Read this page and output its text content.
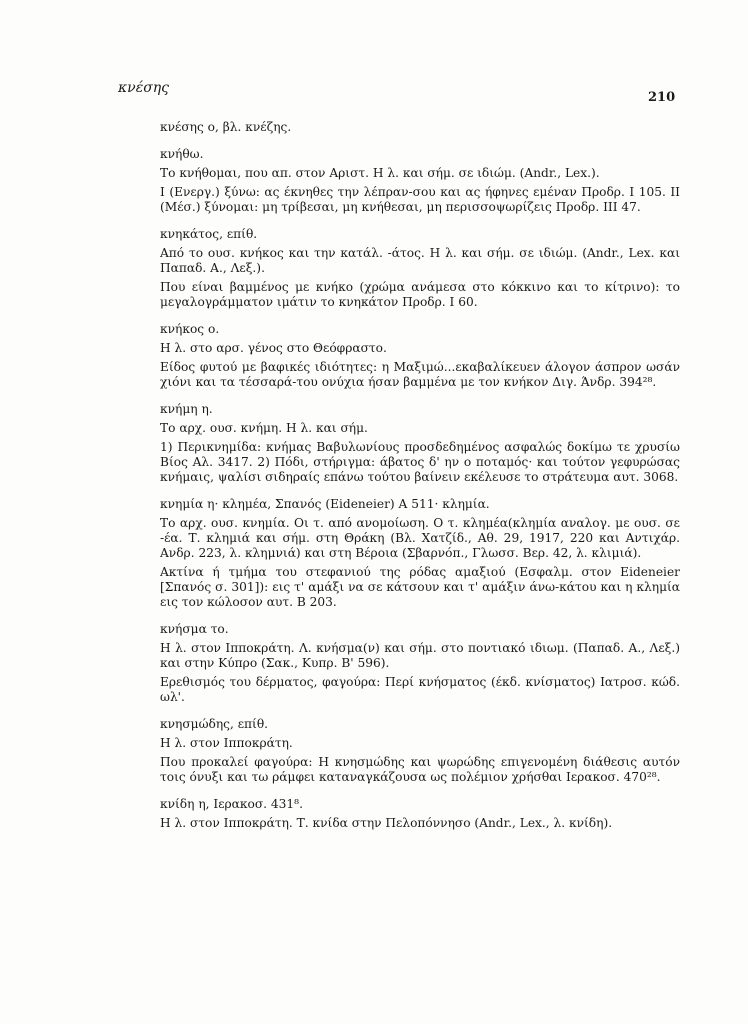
κνέσης
210

κνέσης ο, βλ. κνέζης.

κνήθω.

Το κνήθομαι, που απ. στον Αριστ. Η λ. και σήμ. σε ιδιώμ. (Andr., Lex.).

I (Ενεργ.) ξύνω: ας έκνηθες την λέπραν-σου και ας ήφηνες εμέναν Προδρ. I 105. II (Μέσ.) ξύνομαι: μη τρίβεσαι, μη κνήθεσαι, μη περισσοψωρίζεις Προδρ. III 47.

κνηκάτος, επίθ.

Από το ουσ. κνήκος και την κατάλ. -άτος. Η λ. και σήμ. σε ιδιώμ. (Andr., Lex. και Παπαδ. Α., Λεξ.).

Που είναι βαμμένος με κνήκο (χρώμα ανάμεσα στο κόκκινο και το κίτρινο): το μεγαλογράμματον ιμάτιν το κνηκάτον Προδρ. I 60.

κνήκος ο.

Η λ. στο αρσ. γένος στο Θεόφραστο.

Είδος φυτού με βαφικές ιδιότητες: η Μαξιμώ...εκαβαλίκευεν άλογον άσπρον ωσάν χιόνι και τα τέσσαρά-του ονύχια ήσαν βαμμένα με τον κνήκον Διγ. Άνδρ. 394²⁸.

κνήμη η.

Το αρχ. ουσ. κνήμη. Η λ. και σήμ.

1) Περικνημίδα: κνήμας Βαβυλωνίους προσδεδημένος ασφαλώς δοκίμω τε χρυσίω Βίος Αλ. 3417. 2) Πόδι, στήριγμα: άβατος δ' ην ο ποταμός· και τούτον γεφυρώσας κνήμαις, ψαλίσι σιδηραίς επάνω τούτου βαίνειν εκέλευσε το στράτευμα αυτ. 3068.

κνημία η· κλημέα, Σπανός (Eideneier) Α 511· κλημία.

Το αρχ. ουσ. κνημία. Οι τ. από ανομοίωση. Ο τ. κλημέα(κλημία αναλογ. με ουσ. σε -έα. Τ. κλημιά και σήμ. στη Θράκη (Βλ. Χατζίδ., Αθ. 29, 1917, 220 και Αντιχάρ. Ανδρ. 223, λ. κλημνιά) και στη Βέροια (Σβαρνόπ., Γλωσσ. Βερ. 42, λ. κλιμιά).

Ακτίνα ή τμήμα του στεφανιού της ρόδας αμαξιού (Εσφαλμ. στον Eideneier [Σπανός σ. 301]): εις τ' αμάξι να σε κάτσουν και τ' αμάξιν άνω-κάτου και η κλημία εις τον κώλοσον αυτ. Β 203.

κνήσμα το.

Η λ. στον Ιπποκράτη. Λ. κνήσμα(ν) και σήμ. στο ποντιακό ιδιωμ. (Παπαδ. Α., Λεξ.) και στην Κύπρο (Σακ., Κυπρ. Β' 596).

Ερεθισμός του δέρματος, φαγούρα: Περί κνήσματος (έκδ. κνίσματος) Ιατροσ. κώδ. ωλ'.

κνησμώδης, επίθ.

Η λ. στον Ιπποκράτη.

Που προκαλεί φαγούρα: Η κνησμώδης και ψωρώδης επιγενομένη διάθεσις αυτόν τοις όνυξι και τω ράμφει καταναγκάζουσα ως πολέμιον χρήσθαι Ιερακοσ. 470²⁸.

κνίδη η, Ιερακοσ. 431⁸.

Η λ. στον Ιπποκράτη. Τ. κνίδα στην Πελοπόννησο (Andr., Lex., λ. κνίδη).
